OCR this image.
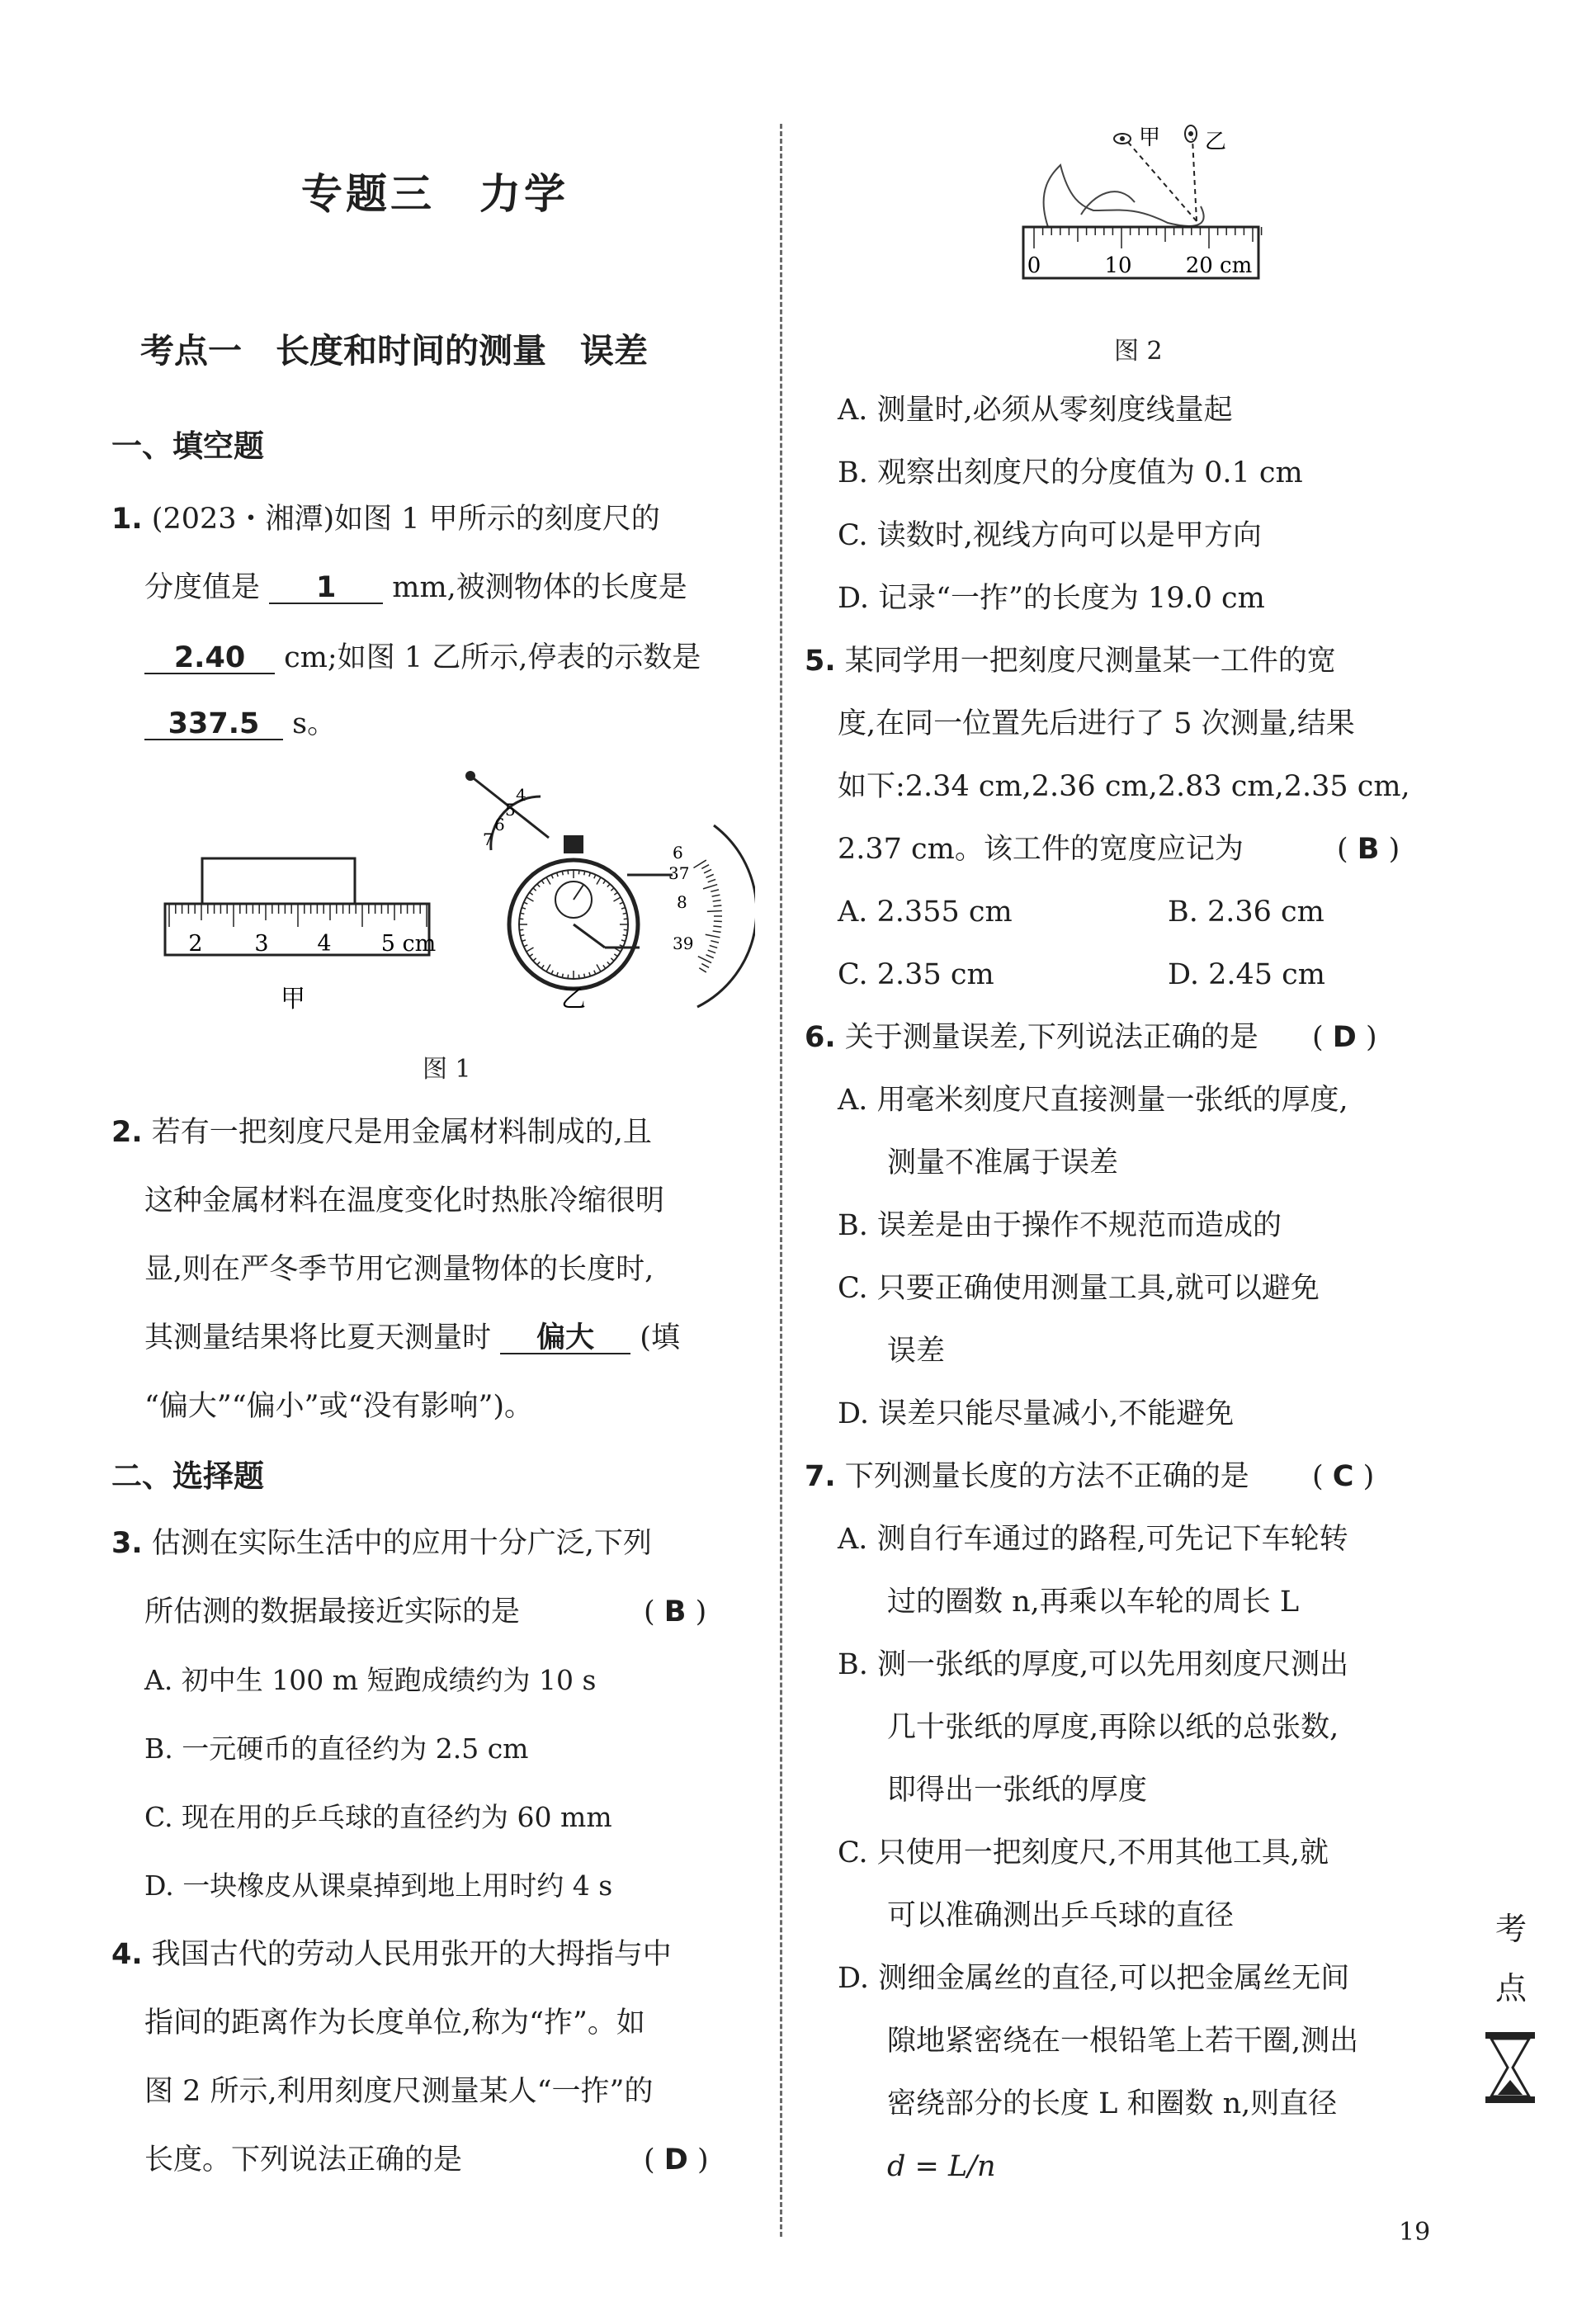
专题三　力学
考点一　长度和时间的测量　误差
一、填空题
1. (2023・湘潭)如图 1 甲所示的刻度尺的
分度值是 1 mm,被测物体的长度是
2.40 cm;如图 1 乙所示,停表的示数是
337.5 s。
2 3 4 5 cm
甲
4
5
6
7
6
37
8
39
乙
图 1
2. 若有一把刻度尺是用金属材料制成的,且
这种金属材料在温度变化时热胀冷缩很明
显,则在严冬季节用它测量物体的长度时,
其测量结果将比夏天测量时 偏大 (填
“偏大”“偏小”或“没有影响”)。
二、选择题
3. 估测在实际生活中的应用十分广泛,下列
所估测的数据最接近实际的是	( B )
A. 初中生 100 m 短跑成绩约为 10 s
B. 一元硬币的直径约为 2.5 cm
C. 现在用的乒乓球的直径约为 60 mm
D. 一块橡皮从课桌掉到地上用时约 4 s
4. 我国古代的劳动人民用张开的大拇指与中
指间的距离作为长度单位,称为“拃”。如
图 2 所示,利用刻度尺测量某人“一拃”的
长度。下列说法正确的是	( D )
甲 乙
0	10	20 cm
图 2
A. 测量时,必须从零刻度线量起
B. 观察出刻度尺的分度值为 0.1 cm
C. 读数时,视线方向可以是甲方向
D. 记录“一拃”的长度为 19.0 cm
5. 某同学用一把刻度尺测量某一工件的宽
度,在同一位置先后进行了 5 次测量,结果
如下:2.34 cm,2.36 cm,2.83 cm,2.35 cm,
2.37 cm。该工件的宽度应记为	( B )
A. 2.355 cm	B. 2.36 cm
C. 2.35 cm	D. 2.45 cm
6. 关于测量误差,下列说法正确的是 ( D )
A. 用毫米刻度尺直接测量一张纸的厚度,
测量不准属于误差
B. 误差是由于操作不规范而造成的
C. 只要正确使用测量工具,就可以避免
误差
D. 误差只能尽量减小,不能避免
7. 下列测量长度的方法不正确的是 ( C )
A. 测自行车通过的路程,可先记下车轮转
过的圈数 n,再乘以车轮的周长 L
B. 测一张纸的厚度,可以先用刻度尺测出
几十张纸的厚度,再除以纸的总张数,
即得出一张纸的厚度
C. 只使用一把刻度尺,不用其他工具,就
可以准确测出乒乓球的直径
D. 测细金属丝的直径,可以把金属丝无间
隙地紧密绕在一根铅笔上若干圈,测出
密绕部分的长度 L 和圈数 n,则直径
d = L/n
考
点
19
